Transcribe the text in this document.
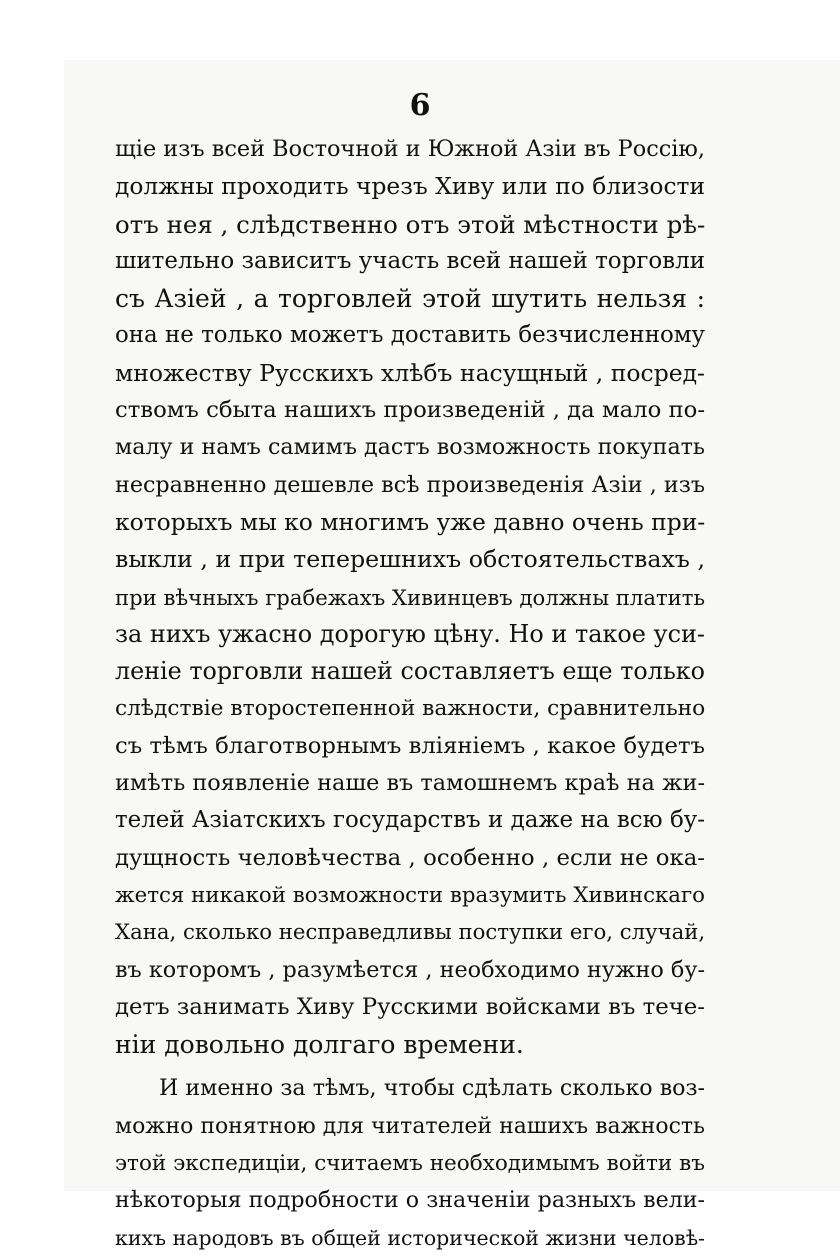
6
щіе изъ всей Восточной и Южной Азіи въ Россію,
должны проходить чрезъ Хиву или по близости
отъ нея , слѣдственно отъ этой мѣстности рѣ-
шительно зависитъ участь всей нашей торговли
съ Азіей , а торговлей этой шутить нельзя :
она не только можетъ доставить безчисленному
множеству Русскихъ хлѣбъ насущный , посред-
ствомъ сбыта нашихъ произведеній , да мало по-
малу и намъ самимъ дастъ возможность покупать
несравненно дешевле всѣ произведенія Азіи , изъ
которыхъ мы ко многимъ уже давно очень при-
выкли , и при теперешнихъ обстоятельствахъ ,
при вѣчныхъ грабежахъ Хивинцевъ должны платить
за нихъ ужасно дорогую цѣну. Но и такое уси-
леніе торговли нашей составляетъ еще только
слѣдствіе второстепенной важности, сравнительно
съ тѣмъ благотворнымъ вліяніемъ , какое будетъ
имѣть появленіе наше въ тамошнемъ краѣ на жи-
телей Азіатскихъ государствъ и даже на всю бу-
дущность человѣчества , особенно , если не ока-
жется никакой возможности вразумить Хивинскаго
Хана, сколько несправедливы поступки его, случай,
въ которомъ , разумѣется , необходимо нужно бу-
детъ занимать Хиву Русскими войсками въ тече-
ніи довольно долгаго времени.
И именно за тѣмъ, чтобы сдѣлать сколько воз-
можно понятною для читателей нашихъ важность
этой экспедиціи, считаемъ необходимымъ войти въ
нѣкоторыя подробности о значеніи разныхъ вели-
кихъ народовъ въ общей исторической жизни человѣ-
